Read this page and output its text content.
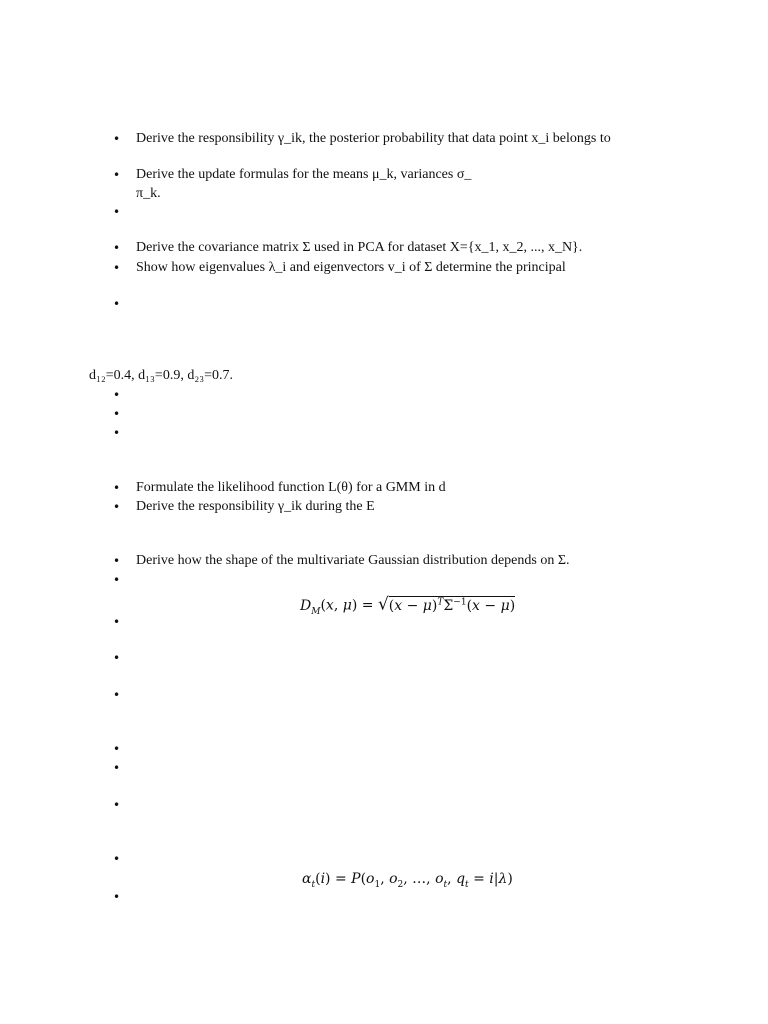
•
Derive the responsibility γ_ik, the posterior probability that data point x_i belongs to
•
Derive the update formulas for the means μ_k, variances σ_
π_k.
•
•
Derive the covariance matrix Σ used in PCA for dataset X={x_1, x_2, ..., x_N}.
•
Show how eigenvalues λ_i and eigenvectors v_i of Σ determine the principal
•
d₁₂=0.4, d₁₃=0.9, d₂₃=0.7.
•
•
•
•
Formulate the likelihood function L(θ) for a GMM in d
•
Derive the responsibility γ_ik during the E
•
Derive how the shape of the multivariate Gaussian distribution depends on Σ.
•
$D_M(x$, $\mu) = √(x - \mu)^T\Sigma^{-1}(x - \mu)$
•
•
•
•
•
•
•
$\alpha_t(i) = P(o_1$, $o_2$, …, $o_t$, $q_t = i|\lambda$)
•
